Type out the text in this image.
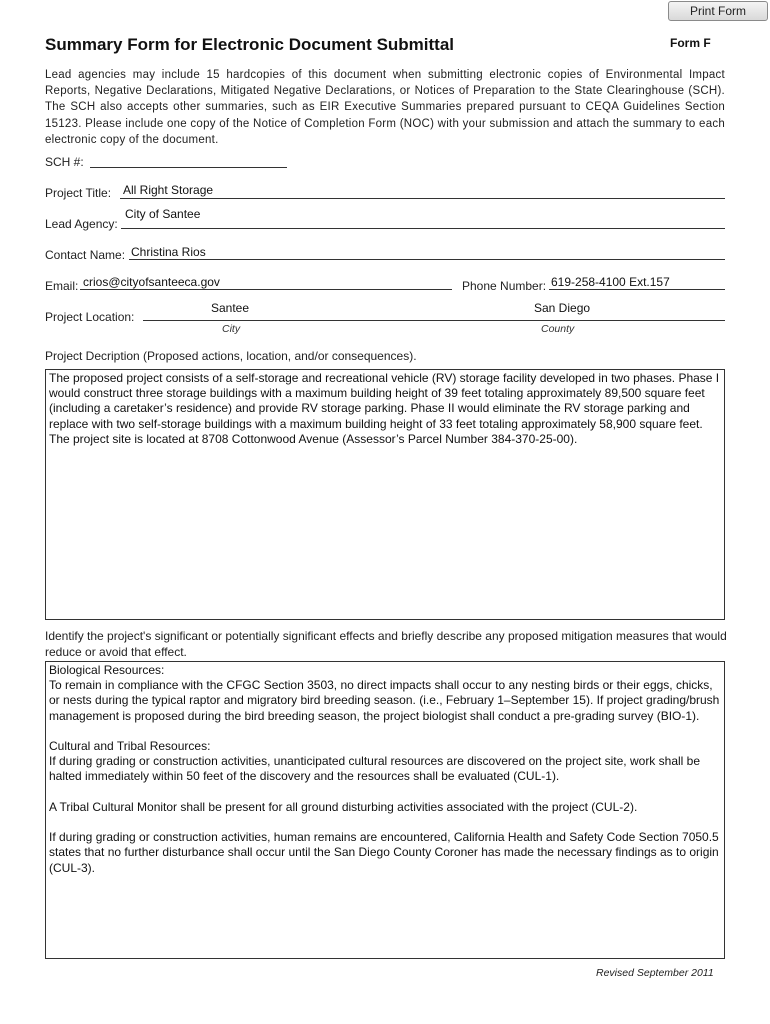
Print Form
Summary Form for Electronic Document Submittal	Form F
Lead agencies may include 15 hardcopies of this document when submitting electronic copies of Environmental Impact Reports, Negative Declarations, Mitigated Negative Declarations, or Notices of Preparation to the State Clearinghouse (SCH). The SCH also accepts other summaries, such as EIR Executive Summaries prepared pursuant to CEQA Guidelines Section 15123. Please include one copy of the Notice of Completion Form (NOC) with your submission and attach the summary to each electronic copy of the document.
SCH #:
Project Title: All Right Storage
Lead Agency:
City of Santee
Contact Name: Christina Rios
Email: crios@cityofsanteeca.gov	Phone Number: 619-258-4100 Ext.157
Project Location:
Santee	San Diego
City	County
Project Decription (Proposed actions, location, and/or consequences).
The proposed project consists of a self-storage and recreational vehicle (RV) storage facility developed in two phases. Phase I would construct three storage buildings with a maximum building height of 39 feet totaling approximately 89,500 square feet (including a caretaker’s residence) and provide RV storage parking. Phase II would eliminate the RV storage parking and replace with two self-storage buildings with a maximum building height of 33 feet totaling approximately 58,900 square feet. The project site is located at 8708 Cottonwood Avenue (Assessor’s Parcel Number 384-370-25-00).
Identify the project's significant or potentially significant effects and briefly describe any proposed mitigation measures that would reduce or avoid that effect.

Biological Resources:
To remain in compliance with the CFGC Section 3503, no direct impacts shall occur to any nesting birds or their eggs, chicks, or nests during the typical raptor and migratory bird breeding season. (i.e., February 1–September 15). If project grading/brush management is proposed during the bird breeding season, the project biologist shall conduct a pre-grading survey (BIO-1).

Cultural and Tribal Resources:
If during grading or construction activities, unanticipated cultural resources are discovered on the project site, work shall be halted immediately within 50 feet of the discovery and the resources shall be evaluated (CUL-1).

A Tribal Cultural Monitor shall be present for all ground disturbing activities associated with the project (CUL-2).

If during grading or construction activities, human remains are encountered, California Health and Safety Code Section 7050.5 states that no further disturbance shall occur until the San Diego County Coroner has made the necessary findings as to origin (CUL-3).

Revised September 2011
